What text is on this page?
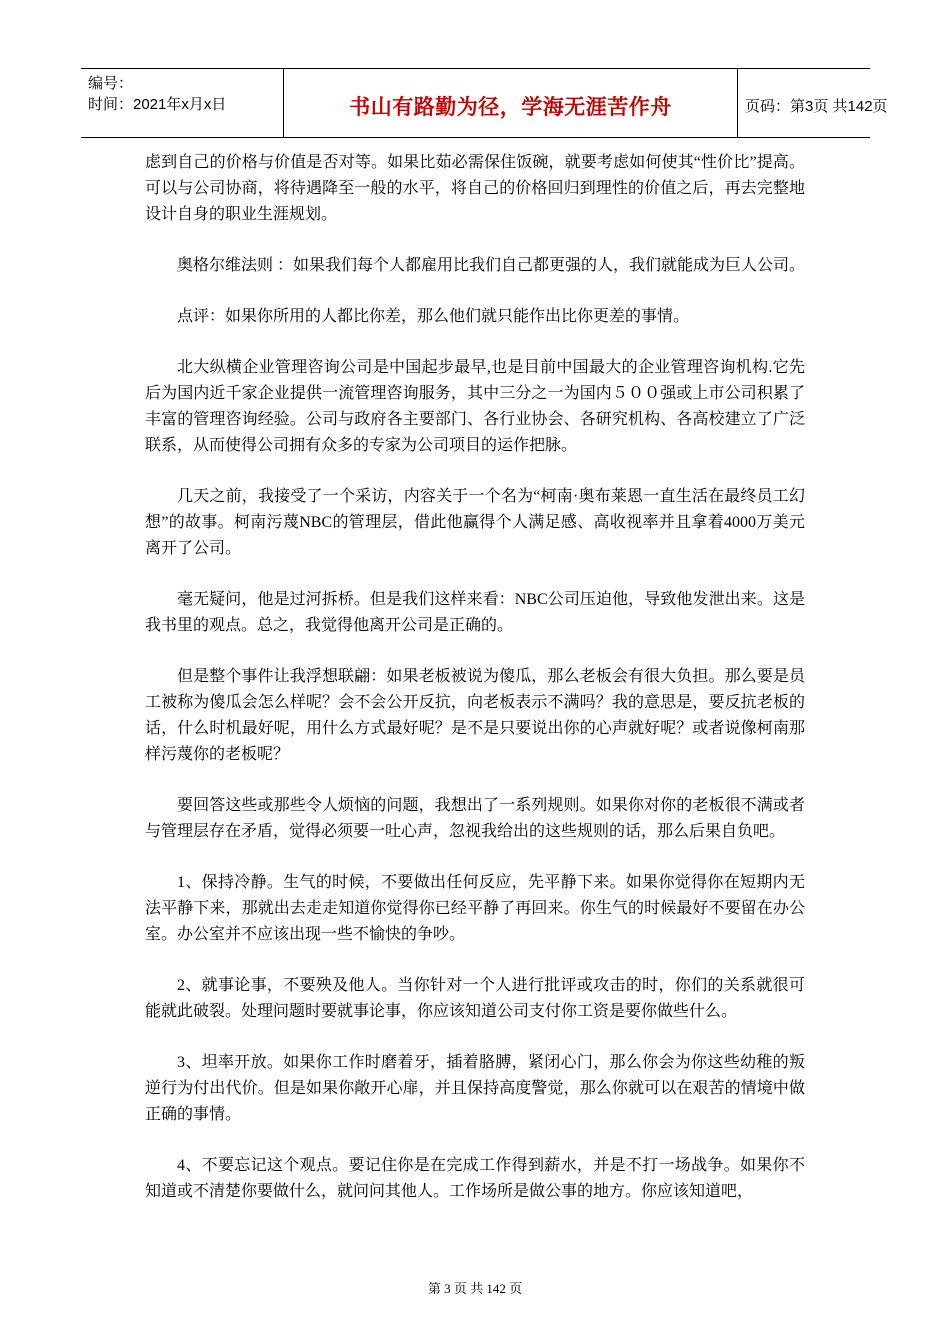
编号：
时间：2021年x月x日	书山有路勤为径，学海无涯苦作舟	页码：第3页 共142页

虑到自己的价格与价值是否对等。如果比茹必需保住饭碗，就要考虑如何使其“性价比”提高。可以与公司协商，将待遇降至一般的水平，将自己的价格回归到理性的价值之后，再去完整地设计自身的职业生涯规划。

奥格尔维法则 ：如果我们每个人都雇用比我们自己都更强的人，我们就能成为巨人公司。

点评：如果你所用的人都比你差，那么他们就只能作出比你更差的事情。

北大纵横企业管理咨询公司是中国起步最早,也是目前中国最大的企业管理咨询机构.它先后为国内近千家企业提供一流管理咨询服务，其中三分之一为国内５００强或上市公司积累了丰富的管理咨询经验。公司与政府各主要部门、各行业协会、各研究机构、各高校建立了广泛联系，从而使得公司拥有众多的专家为公司项目的运作把脉。

几天之前，我接受了一个采访，内容关于一个名为“柯南·奥布莱恩一直生活在最终员工幻想”的故事。柯南污蔑NBC的管理层，借此他赢得个人满足感、高收视率并且拿着4000万美元离开了公司。

毫无疑问，他是过河拆桥。但是我们这样来看：NBC公司压迫他，导致他发泄出来。这是我书里的观点。总之，我觉得他离开公司是正确的。

但是整个事件让我浮想联翩：如果老板被说为傻瓜，那么老板会有很大负担。那么要是员工被称为傻瓜会怎么样呢？会不会公开反抗，向老板表示不满吗？我的意思是，要反抗老板的话，什么时机最好呢，用什么方式最好呢？是不是只要说出你的心声就好呢？或者说像柯南那样污蔑你的老板呢？

要回答这些或那些令人烦恼的问题，我想出了一系列规则。如果你对你的老板很不满或者与管理层存在矛盾，觉得必须要一吐心声，忽视我给出的这些规则的话，那么后果自负吧。

1、保持冷静。生气的时候，不要做出任何反应，先平静下来。如果你觉得你在短期内无法平静下来，那就出去走走知道你觉得你已经平静了再回来。你生气的时候最好不要留在办公室。办公室并不应该出现一些不愉快的争吵。

2、就事论事，不要殃及他人。当你针对一个人进行批评或攻击的时，你们的关系就很可能就此破裂。处理问题时要就事论事，你应该知道公司支付你工资是要你做些什么。

3、坦率开放。如果你工作时磨着牙，插着胳膊，紧闭心门，那么你会为你这些幼稚的叛逆行为付出代价。但是如果你敞开心扉，并且保持高度警觉，那么你就可以在艰苦的情境中做正确的事情。

4、不要忘记这个观点。要记住你是在完成工作得到薪水，并是不打一场战争。如果你不知道或不清楚你要做什么，就问问其他人。工作场所是做公事的地方。你应该知道吧，

第 3 页 共 142 页
